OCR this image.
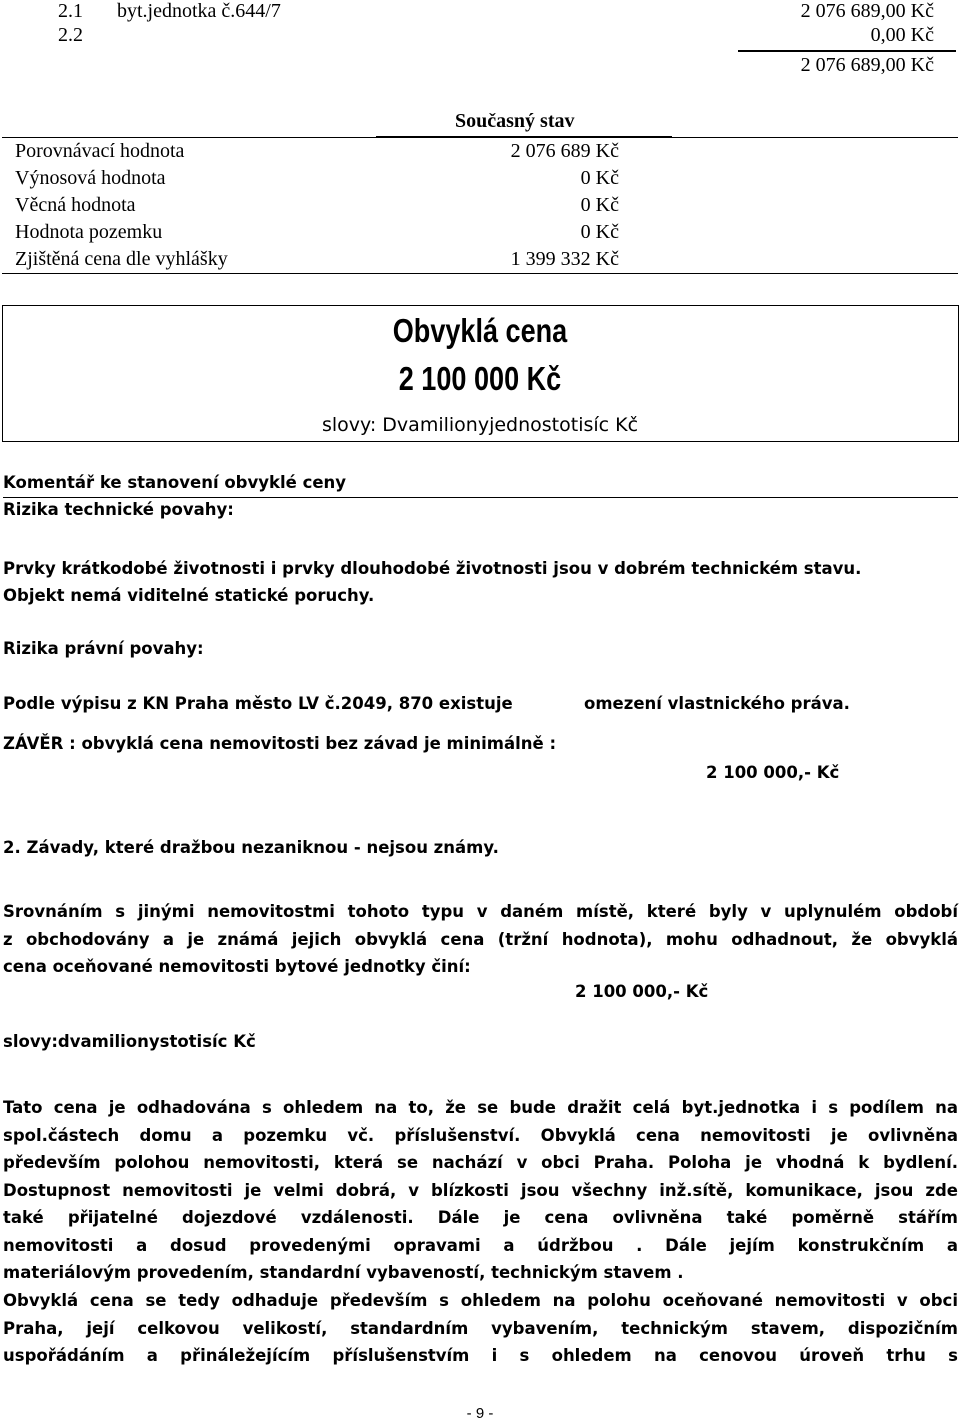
2.1 byt.jednotka č.644/7	2 076 689,00 Kč
2.2	0,00 Kč
2 076 689,00 Kč
Současný stav
Porovnávací hodnota	2 076 689 Kč
Výnosová hodnota	0 Kč
Věcná hodnota	0 Kč
Hodnota pozemku	0 Kč
Zjištěná cena dle vyhlášky	1 399 332 Kč
Obvyklá cena
2 100 000 Kč
slovy: Dvamilionyjednostotisíc Kč
Komentář ke stanovení obvyklé ceny
Rizika technické povahy:
Prvky krátkodobé životnosti i prvky dlouhodobé životnosti jsou v dobrém technickém stavu.
Objekt nemá viditelné statické poruchy.
Rizika právní povahy:
Podle výpisu z KN Praha město LV č.2049, 870 existuje	omezení vlastnického práva.
ZÁVĚR : obvyklá cena nemovitosti bez závad je minimálně :
2 100 000,- Kč
2. Závady, které dražbou nezaniknou - nejsou známy.
Srovnáním s jinými nemovitostmi tohoto typu v daném místě, které byly v uplynulém období
z obchodovány a je známá jejich obvyklá cena (tržní hodnota), mohu odhadnout, že obvyklá
cena oceňované nemovitosti bytové jednotky činí:
2 100 000,- Kč
slovy:dvamilionystotisíc Kč
Tato cena je odhadována s ohledem na to, že se bude dražit celá byt.jednotka i s podílem na
spol.částech domu a pozemku vč. příslušenství. Obvyklá cena nemovitosti je ovlivněna
především polohou nemovitosti, která se nachází v obci Praha. Poloha je vhodná k bydlení.
Dostupnost nemovitosti je velmi dobrá, v blízkosti jsou všechny inž.sítě, komunikace, jsou zde
také přijatelné dojezdové vzdálenosti. Dále je cena ovlivněna také poměrně stářím
nemovitosti a dosud provedenými opravami a údržbou . Dále jejím konstrukčním a
materiálovým provedením, standardní vybaveností, technickým stavem .
Obvyklá cena se tedy odhaduje především s ohledem na polohu oceňované nemovitosti v obci
Praha, její celkovou velikostí, standardním vybavením, technickým stavem, dispozičním
uspořádáním a přináležejícím příslušenstvím i s ohledem na cenovou úroveň trhu s
- 9 -
